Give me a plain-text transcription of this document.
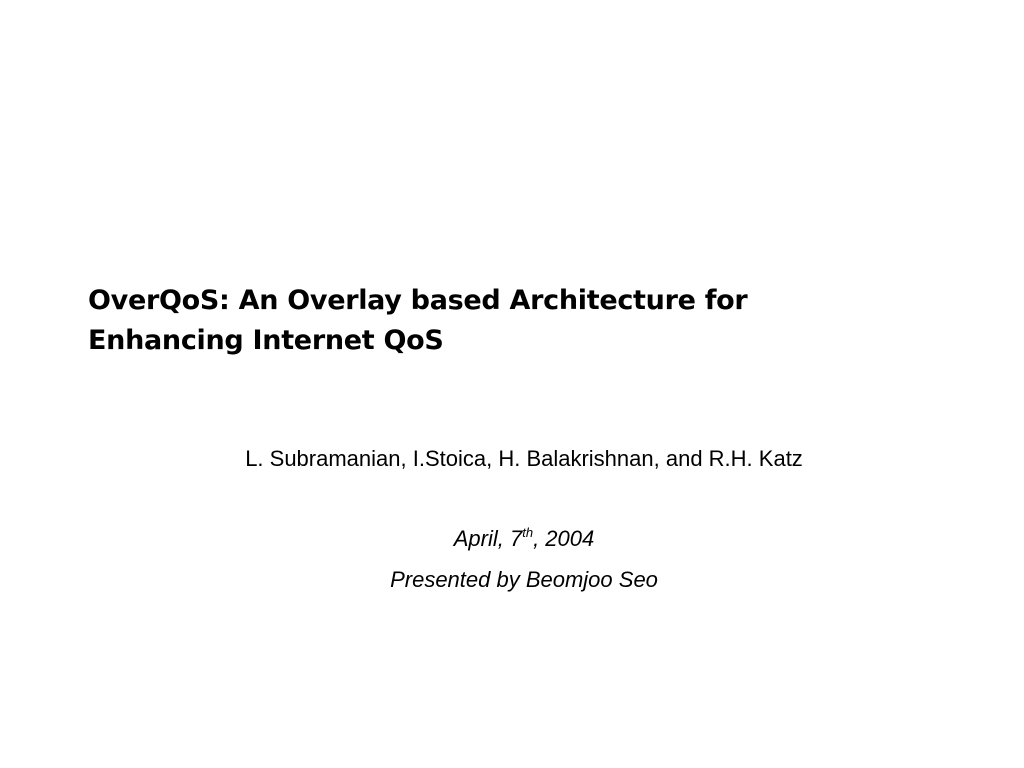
OverQoS: An Overlay based Architecture for
Enhancing Internet QoS
L. Subramanian, I.Stoica, H. Balakrishnan, and R.H. Katz
April, 7th, 2004
Presented by Beomjoo Seo
